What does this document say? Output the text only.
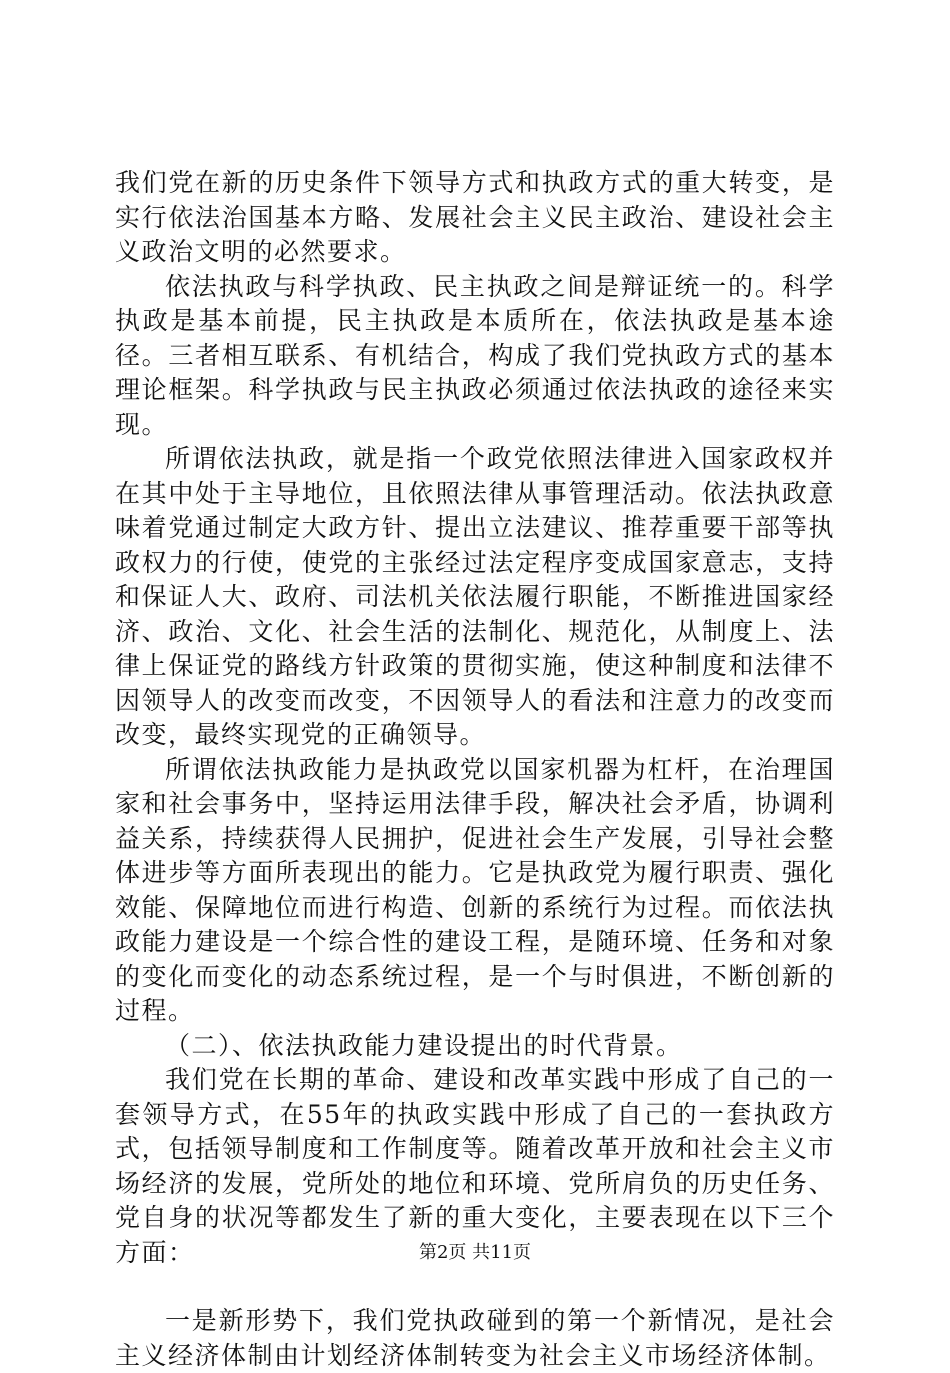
我们党在新的历史条件下领导方式和执政方式的重大转变，是实行依法治国基本方略、发展社会主义民主政治、建设社会主义政治文明的必然要求。

依法执政与科学执政、民主执政之间是辩证统一的。科学执政是基本前提，民主执政是本质所在，依法执政是基本途径。三者相互联系、有机结合，构成了我们党执政方式的基本理论框架。科学执政与民主执政必须通过依法执政的途径来实现。

所谓依法执政，就是指一个政党依照法律进入国家政权并在其中处于主导地位，且依照法律从事管理活动。依法执政意味着党通过制定大政方针、提出立法建议、推荐重要干部等执政权力的行使，使党的主张经过法定程序变成国家意志，支持和保证人大、政府、司法机关依法履行职能，不断推进国家经济、政治、文化、社会生活的法制化、规范化，从制度上、法律上保证党的路线方针政策的贯彻实施，使这种制度和法律不因领导人的改变而改变，不因领导人的看法和注意力的改变而改变，最终实现党的正确领导。

所谓依法执政能力是执政党以国家机器为杠杆，在治理国家和社会事务中，坚持运用法律手段，解决社会矛盾，协调利益关系，持续获得人民拥护，促进社会生产发展，引导社会整体进步等方面所表现出的能力。它是执政党为履行职责、强化效能、保障地位而进行构造、创新的系统行为过程。而依法执政能力建设是一个综合性的建设工程，是随环境、任务和对象的变化而变化的动态系统过程，是一个与时俱进，不断创新的过程。

（二）、依法执政能力建设提出的时代背景。

我们党在长期的革命、建设和改革实践中形成了自己的一套领导方式，在55年的执政实践中形成了自己的一套执政方式，包括领导制度和工作制度等。随着改革开放和社会主义市场经济的发展，党所处的地位和环境、党所肩负的历史任务、党自身的状况等都发生了新的重大变化，主要表现在以下三个方面：

一是新形势下，我们党执政碰到的第一个新情况，是社会主义经济体制由计划经济体制转变为社会主义市场经济体制。

第2页 共11页
